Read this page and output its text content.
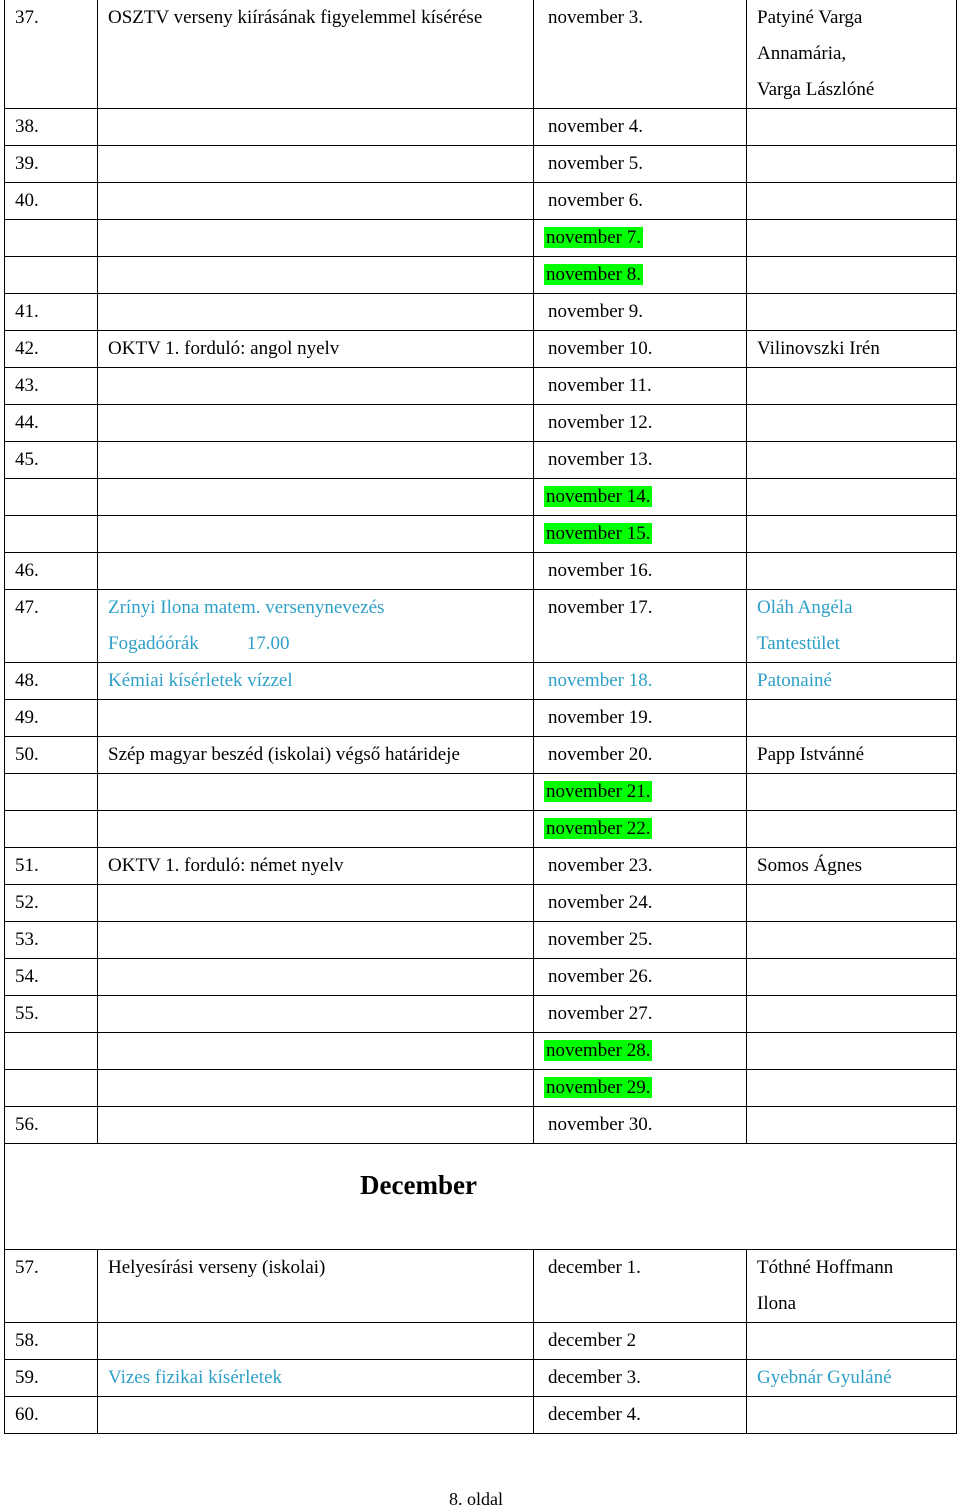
37.	OSZTV verseny kiírásának figyelemmel kísérése	november 3.	Patyiné Varga
Annamária,
Varga Lászlóné
38.		november 4.	
39.		november 5.	
40.		november 6.	
		november 7.	
		november 8.	
41.		november 9.	
42.	OKTV 1. forduló: angol nyelv	november 10.	Vilinovszki Irén
43.		november 11.	
44.		november 12.	
45.		november 13.	
		november 14.	
		november 15.	
46.		november 16.	
47.	Zrínyi Ilona matem. versenynevezés
Fogadóórák 17.00	november 17.	Oláh Angéla
Tantestület
48.	Kémiai kísérletek vízzel	november 18.	Patonainé
49.		november 19.	
50.	Szép magyar beszéd (iskolai) végső határideje	november 20.	Papp Istvánné
		november 21.	
		november 22.	
51.	OKTV 1. forduló: német nyelv	november 23.	Somos Ágnes
52.		november 24.	
53.		november 25.	
54.		november 26.	
55.		november 27.	
		november 28.	
		november 29.	
56.		november 30.	
December
57.	Helyesírási verseny (iskolai)	december 1.	Tóthné Hoffmann
Ilona
58.		december 2	
59.	Vizes fizikai kísérletek	december 3.	Gyebnár Gyuláné
60.		december 4.	
8. oldal
